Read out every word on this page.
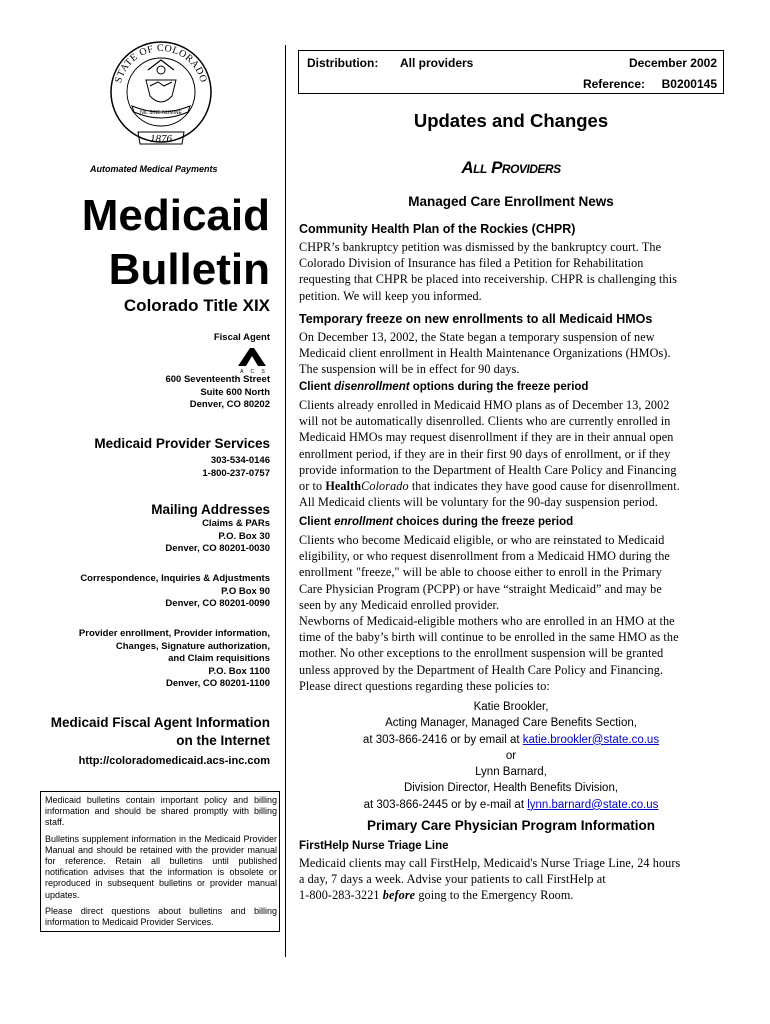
STATE OF COLORADO
NIL SINE NUMINE
1876
Automated Medical Payments
Medicaid
Bulletin
Colorado Title XIX
Fiscal Agent
A C S
600 Seventeenth Street
Suite 600 North
Denver, CO 80202
Medicaid Provider Services
303-534-0146
1-800-237-0757
Mailing Addresses
Claims & PARs
P.O. Box 30
Denver, CO 80201-0030
Correspondence, Inquiries & Adjustments
P.O Box 90
Denver, CO 80201-0090
Provider enrollment, Provider information,
Changes, Signature authorization,
and Claim requisitions
P.O. Box 1100
Denver, CO 80201-1100
Medicaid Fiscal Agent Information
on the Internet
http://coloradomedicaid.acs-inc.com

Medicaid bulletins contain important policy and billing information and should be shared promptly with billing staff.

Bulletins supplement information in the Medicaid Provider Manual and should be retained with the provider manual for reference. Retain all bulletins until published notification advises that the information is obsolete or reproduced in subsequent bulletins or provider manual updates.

Please direct questions about bulletins and billing information to Medicaid Provider Services.

Distribution: All providers	December 2002
Reference: B0200145
Updates and Changes
All Providers
Managed Care Enrollment News
Community Health Plan of the Rockies (CHPR)
CHPR’s bankruptcy petition was dismissed by the bankruptcy court. The
Colorado Division of Insurance has filed a Petition for Rehabilitation
requesting that CHPR be placed into receivership. CHPR is challenging this
petition. We will keep you informed.
Temporary freeze on new enrollments to all Medicaid HMOs
On December 13, 2002, the State began a temporary suspension of new
Medicaid client enrollment in Health Maintenance Organizations (HMOs).
The suspension will be in effect for 90 days.
Client disenrollment options during the freeze period
Clients already enrolled in Medicaid HMO plans as of December 13, 2002
will not be automatically disenrolled. Clients who are currently enrolled in
Medicaid HMOs may request disenrollment if they are in their annual open
enrollment period, if they are in their first 90 days of enrollment, or if they
provide information to the Department of Health Care Policy and Financing
or to HealthColorado that indicates they have good cause for disenrollment.
All Medicaid clients will be voluntary for the 90-day suspension period.
Client enrollment choices during the freeze period
Clients who become Medicaid eligible, or who are reinstated to Medicaid
eligibility, or who request disenrollment from a Medicaid HMO during the
enrollment "freeze," will be able to choose either to enroll in the Primary
Care Physician Program (PCPP) or have “straight Medicaid” and may be
seen by any Medicaid enrolled provider.
Newborns of Medicaid-eligible mothers who are enrolled in an HMO at the
time of the baby’s birth will continue to be enrolled in the same HMO as the
mother. No other exceptions to the enrollment suspension will be granted
unless approved by the Department of Health Care Policy and Financing.
Please direct questions regarding these policies to:
Katie Brookler,
Acting Manager, Managed Care Benefits Section,
at 303-866-2416 or by email at katie.brookler@state.co.us
or
Lynn Barnard,
Division Director, Health Benefits Division,
at 303-866-2445 or by e-mail at lynn.barnard@state.co.us
Primary Care Physician Program Information
FirstHelp Nurse Triage Line
Medicaid clients may call FirstHelp, Medicaid's Nurse Triage Line, 24 hours
a day, 7 days a week. Advise your patients to call FirstHelp at
1-800-283-3221 before going to the Emergency Room.
